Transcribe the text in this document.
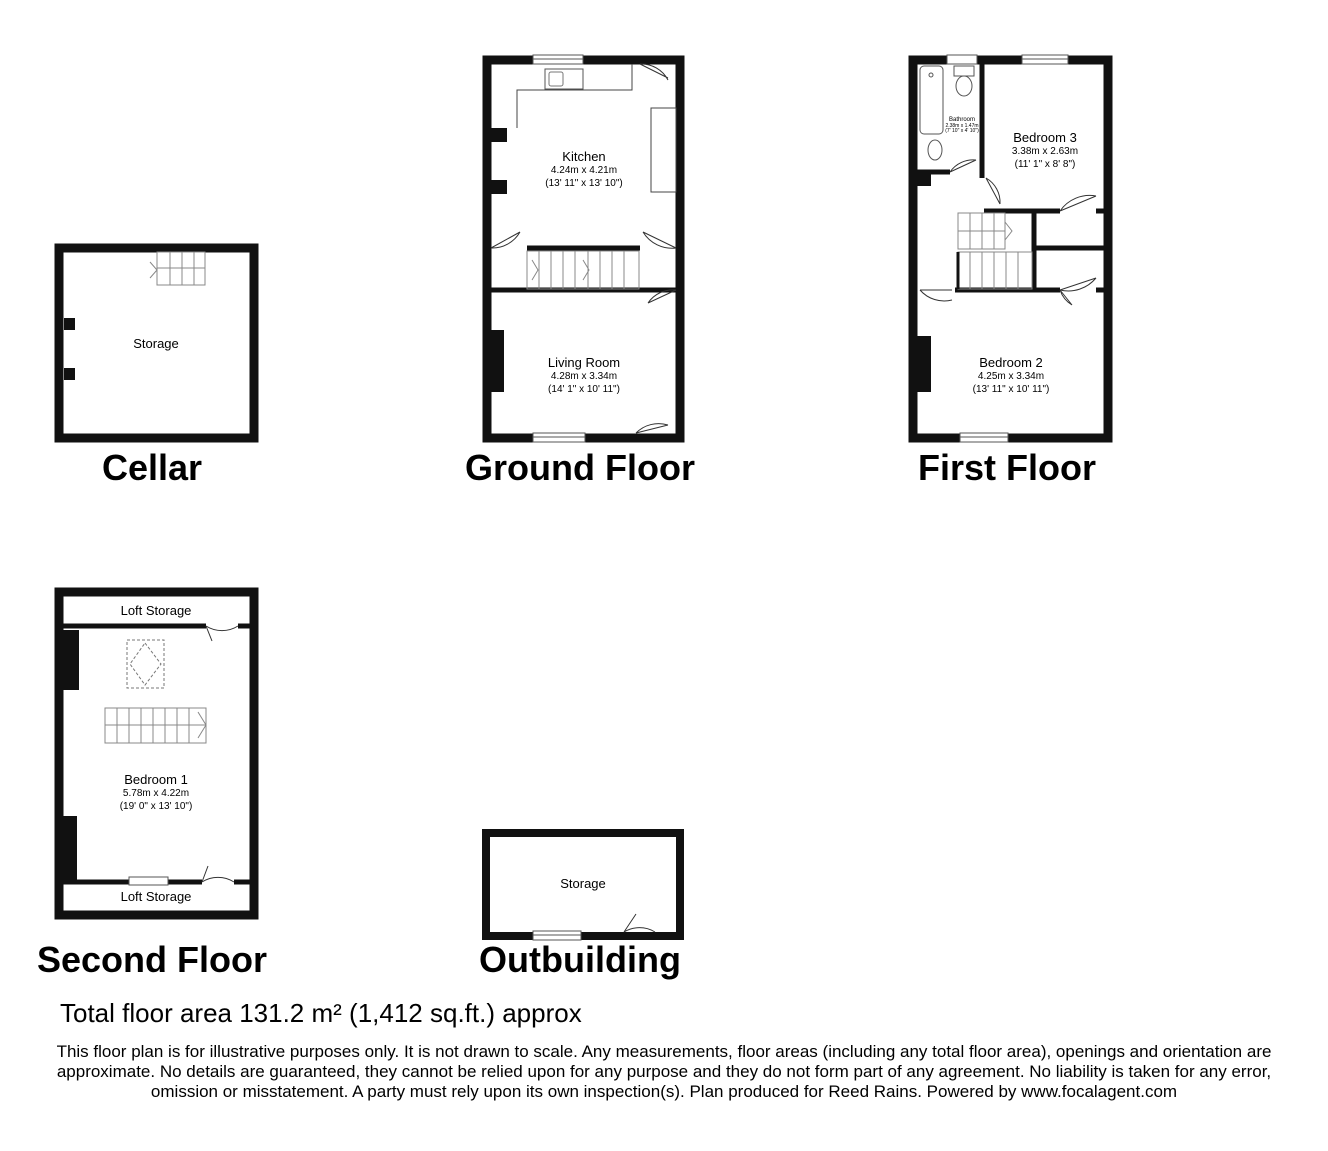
Storage
Kitchen
4.24m x 4.21m
(13' 11" x 13' 10")
Living Room
4.28m x 3.34m
(14' 1" x 10' 11")
Bathroom
2.38m x 1.47m
(7' 10" x 4' 10")	Bedroom 3
3.38m x 2.63m
(11' 1" x 8' 8")
Bedroom 2
4.25m x 3.34m
(13' 11" x 10' 11")
Loft Storage
Bedroom 1
5.78m x 4.22m
(19' 0" x 13' 10")
Loft Storage
Storage
Cellar	Ground Floor	First Floor
Second Floor	Outbuilding
Total floor area 131.2 m² (1,412 sq.ft.) approx
This floor plan is for illustrative purposes only. It is not drawn to scale. Any measurements, floor areas (including any total floor area), openings and orientation are approximate. No details are guaranteed, they cannot be relied upon for any purpose and they do not form part of any agreement. No liability is taken for any error, omission or misstatement. A party must rely upon its own inspection(s). Plan produced for Reed Rains. Powered by www.focalagent.com
